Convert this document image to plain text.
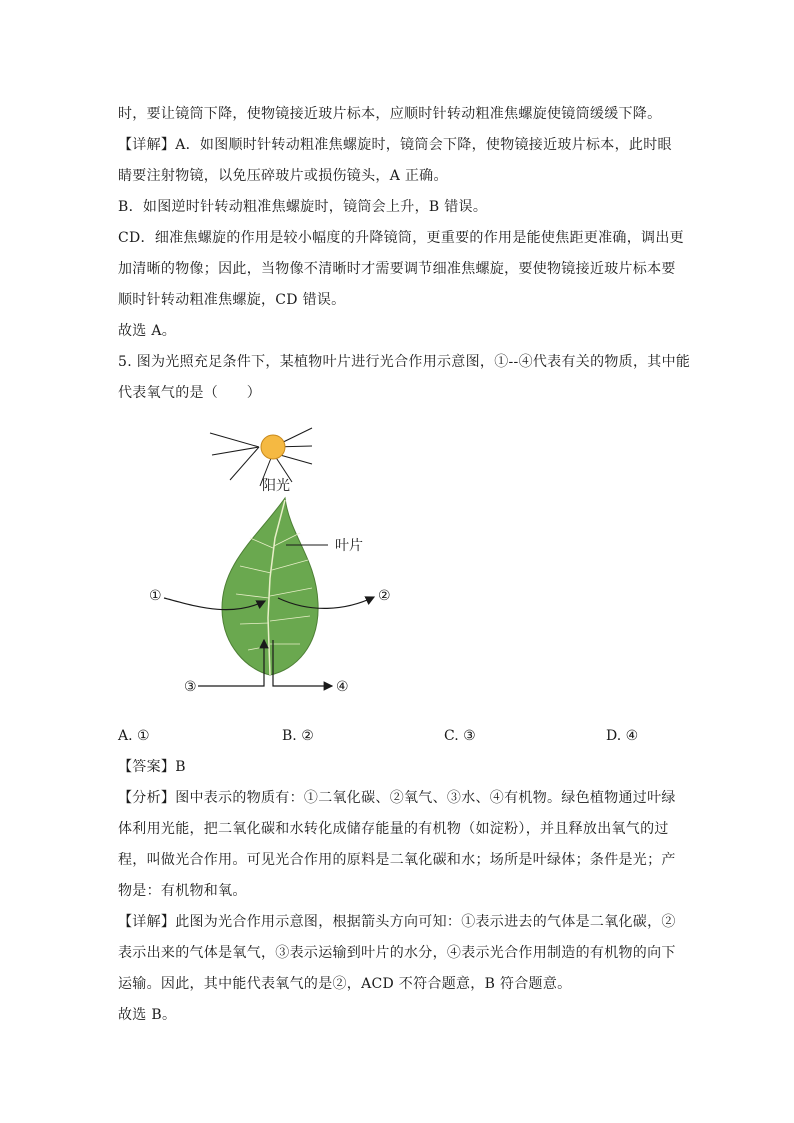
时，要让镜筒下降，使物镜接近玻片标本，应顺时针转动粗准焦螺旋使镜筒缓缓下降。
【详解】A．如图顺时针转动粗准焦螺旋时，镜筒会下降，使物镜接近玻片标本，此时眼
睛要注射物镜，以免压碎玻片或损伤镜头，A 正确。
B．如图逆时针转动粗准焦螺旋时，镜筒会上升，B 错误。
CD．细准焦螺旋的作用是较小幅度的升降镜筒，更重要的作用是能使焦距更准确，调出更
加清晰的物像；因此，当物像不清晰时才需要调节细准焦螺旋，要使物镜接近玻片标本要
顺时针转动粗准焦螺旋，CD 错误。
故选 A。
5. 图为光照充足条件下，某植物叶片进行光合作用示意图，①--④代表有关的物质，其中能
代表氧气的是（　　）
阳光
叶片
①	②
③	④
A. ①	B. ②	C. ③	D. ④
【答案】B
【分析】图中表示的物质有：①二氧化碳、②氧气、③水、④有机物。绿色植物通过叶绿
体利用光能，把二氧化碳和水转化成储存能量的有机物（如淀粉），并且释放出氧气的过
程，叫做光合作用。可见光合作用的原料是二氧化碳和水；场所是叶绿体；条件是光；产
物是：有机物和氧。
【详解】此图为光合作用示意图，根据箭头方向可知：①表示进去的气体是二氧化碳，②
表示出来的气体是氧气，③表示运输到叶片的水分，④表示光合作用制造的有机物的向下
运输。因此，其中能代表氧气的是②，ACD 不符合题意，B 符合题意。
故选 B。
